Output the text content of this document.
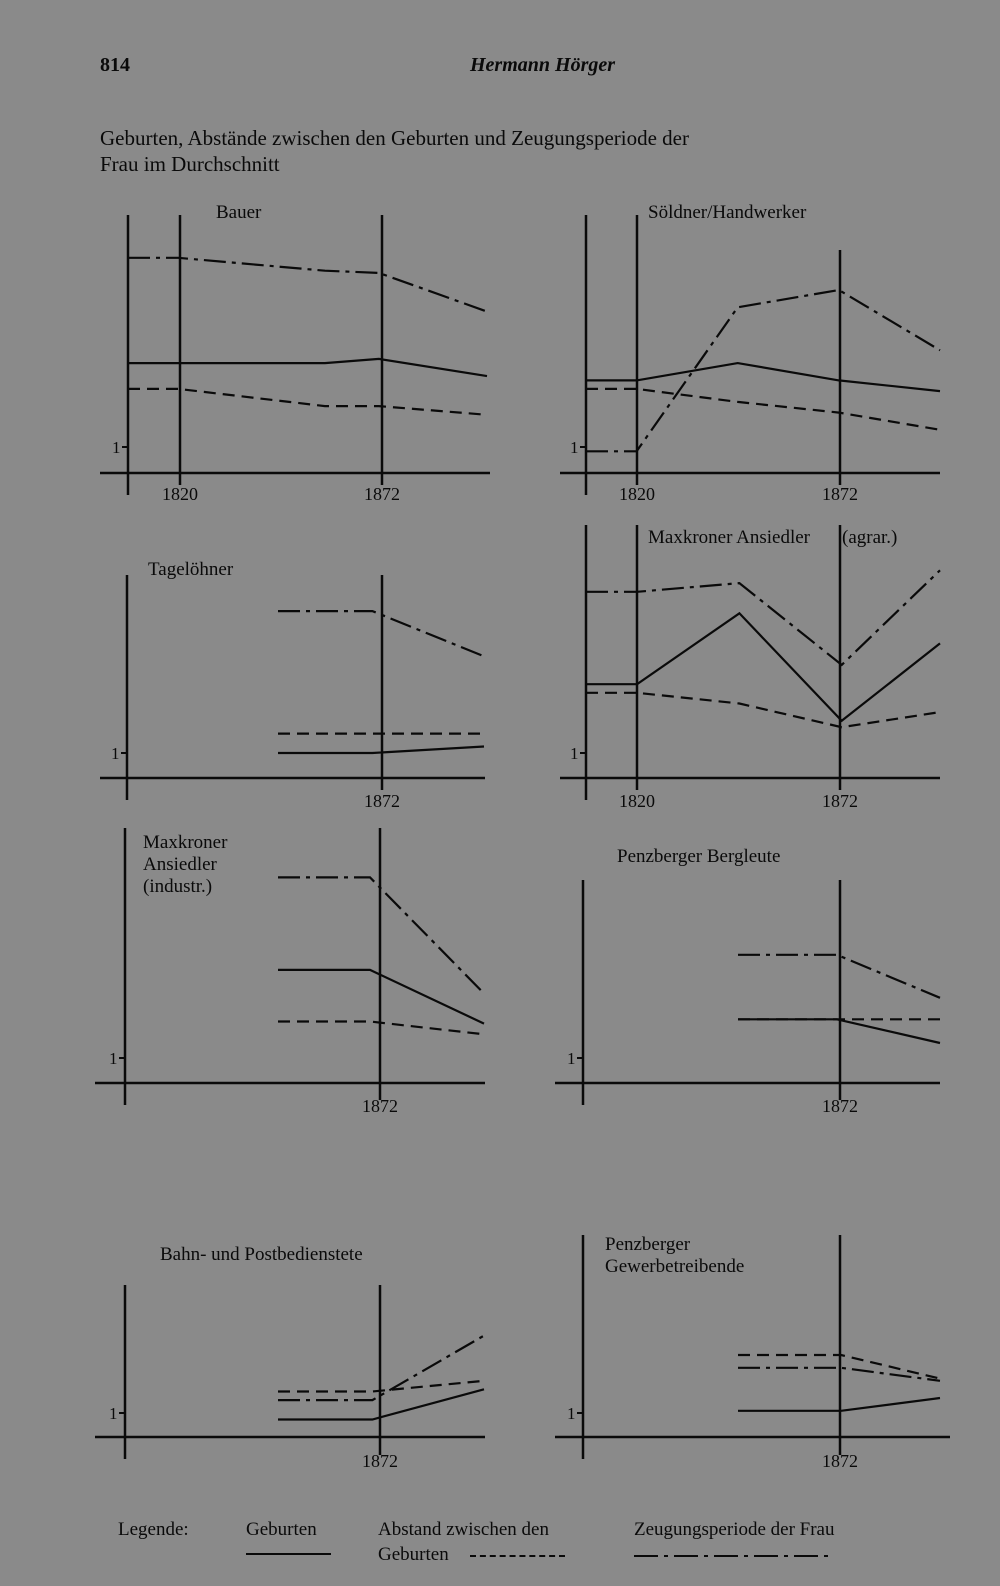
814	Hermann Hörger
Geburten, Abstände zwischen den Geburten und Zeugungsperiode der
Frau im Durchschnitt
1
1820	1872
Bauer
1
1820	1872
Söldner/Handwerker
1
1872
Tagelöhner
1
1820	1872
Maxkroner Ansiedler (agrar.)
1
1872
Maxkroner
Ansiedler
(industr.)
1
1872
Penzberger Bergleute
1
1872
Bahn- und Postbedienstete
1
1872
Penzberger
Gewerbetreibende
Legende:	Geburten	Abstand zwischen den
Geburten
Zeugungsperiode der Frau
